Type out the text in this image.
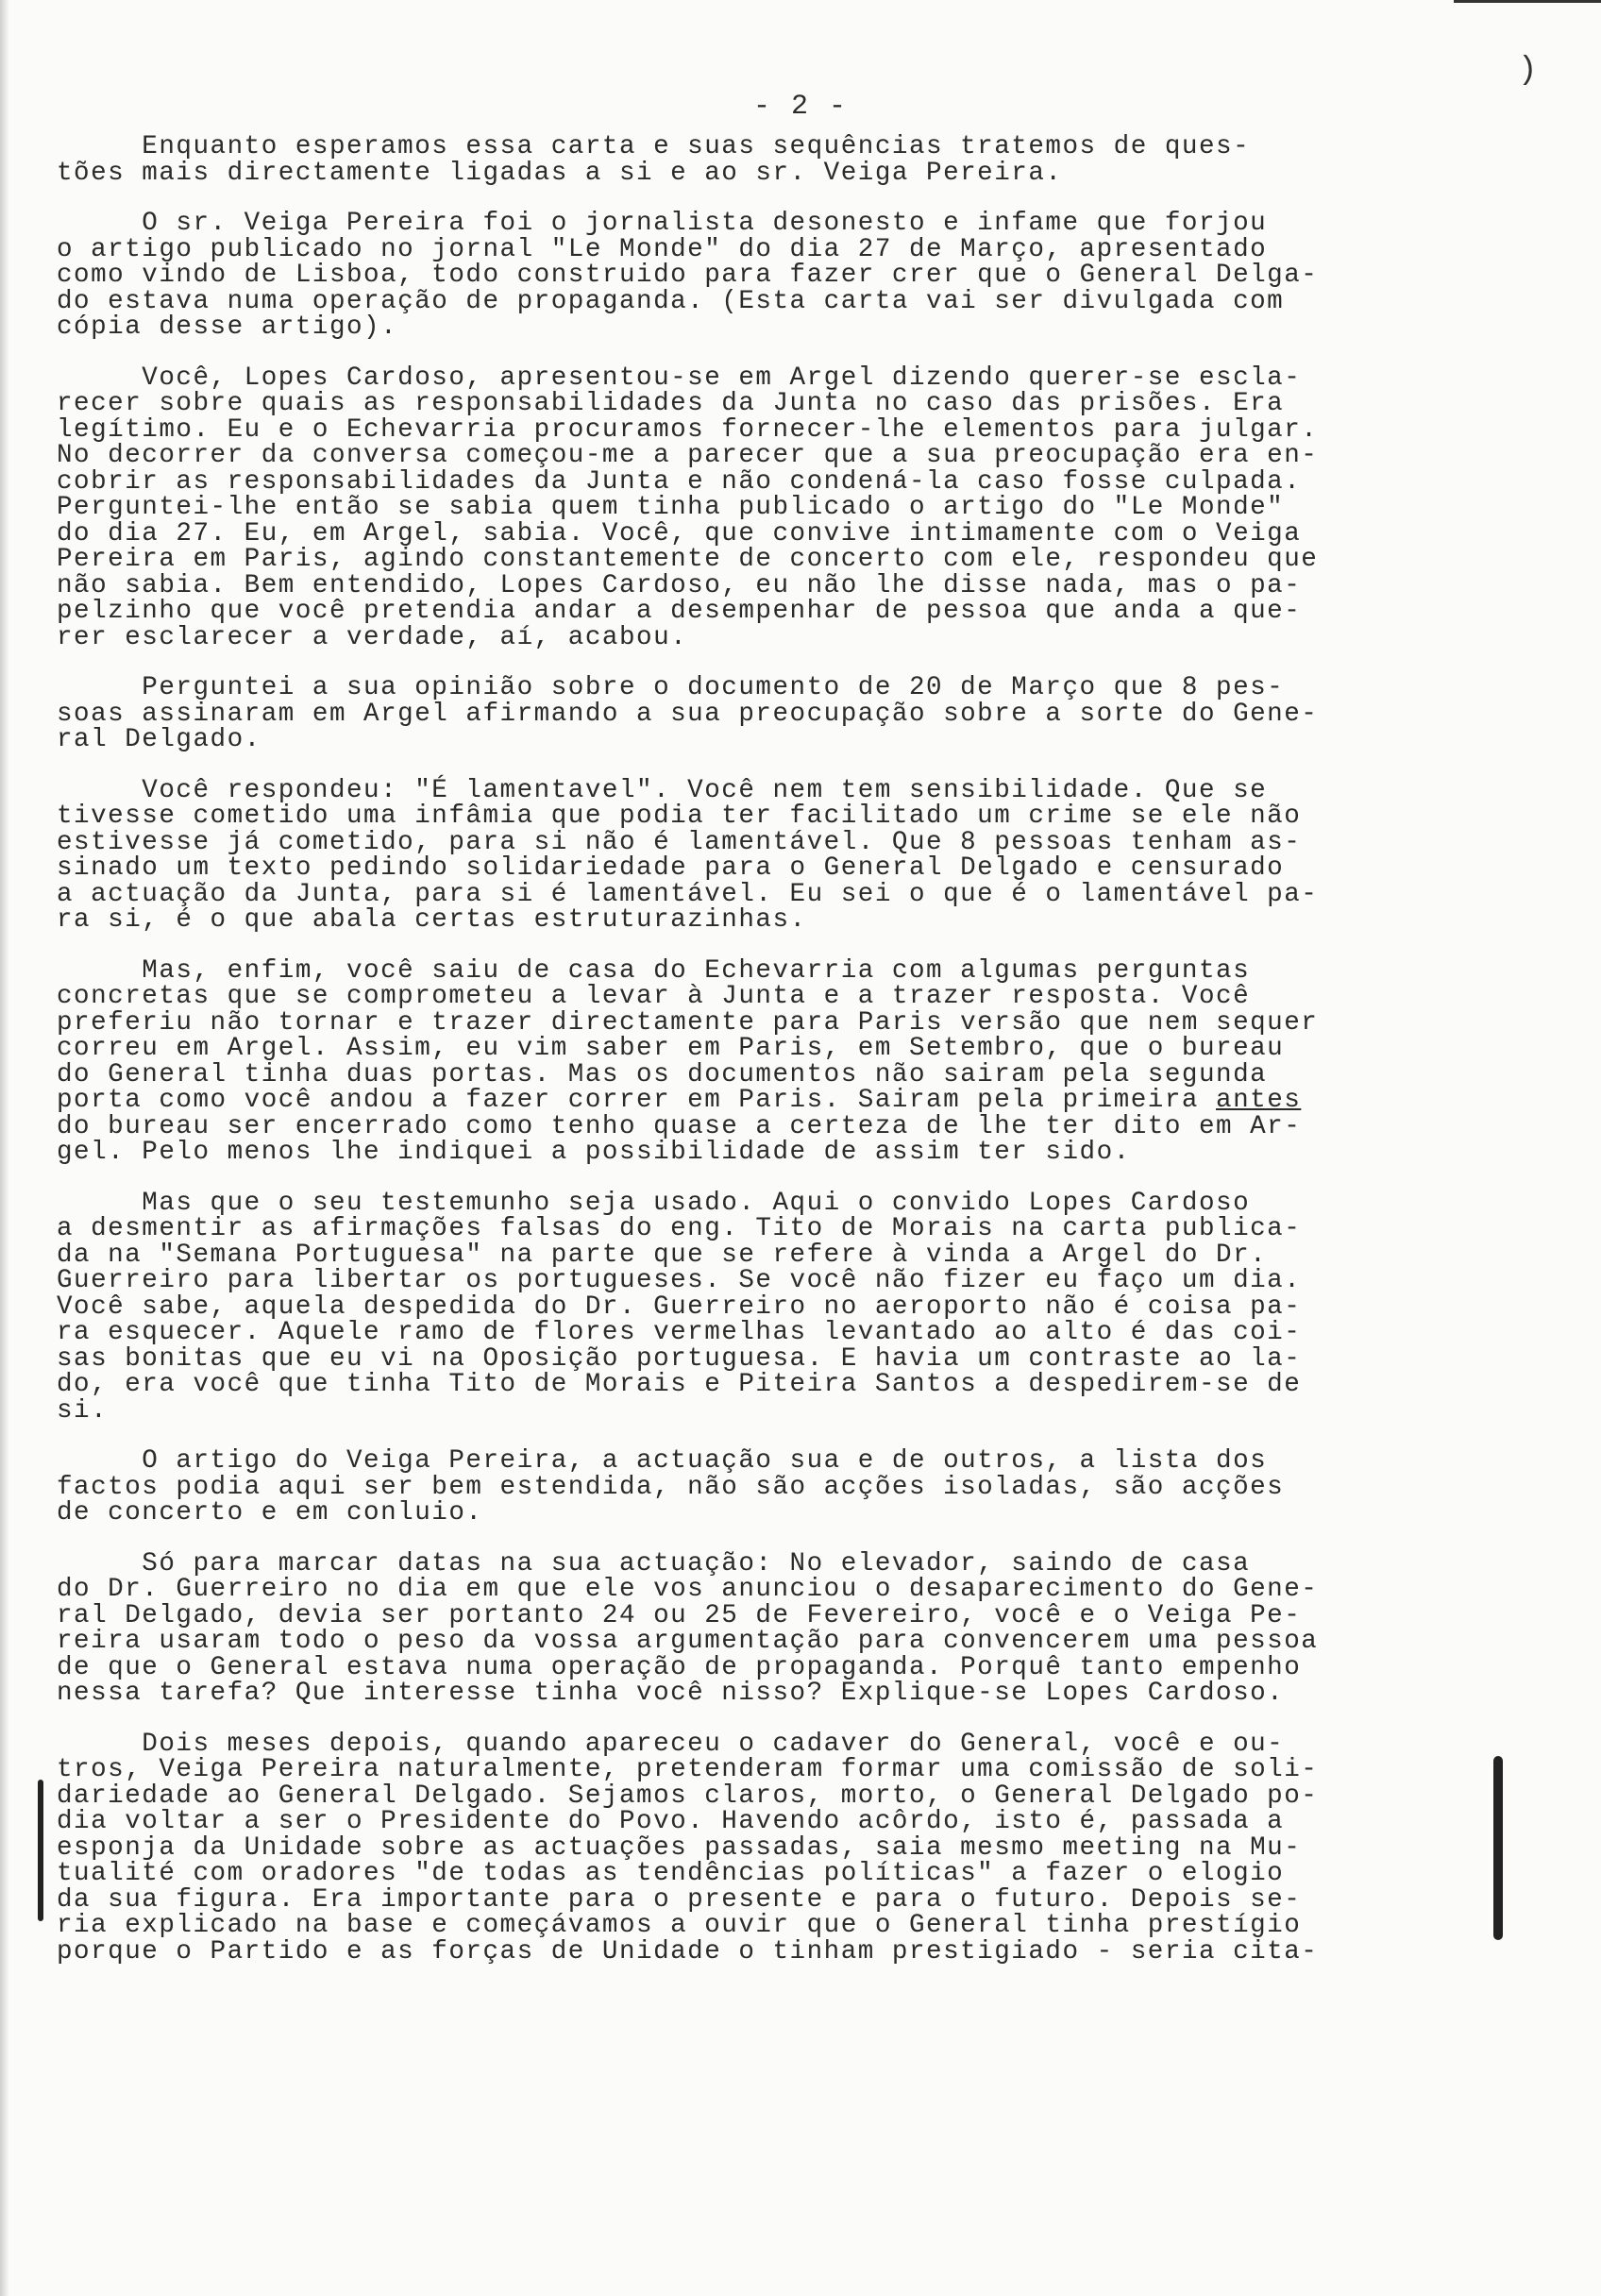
)
- 2 -
Enquanto esperamos essa carta e suas sequências tratemos de ques-
tões mais directamente ligadas a si e ao sr. Veiga Pereira.
O sr. Veiga Pereira foi o jornalista desonesto e infame que forjou
o artigo publicado no jornal "Le Monde" do dia 27 de Março, apresentado
como vindo de Lisboa, todo construido para fazer crer que o General Delga-
do estava numa operação de propaganda. (Esta carta vai ser divulgada com
cópia desse artigo).
Você, Lopes Cardoso, apresentou-se em Argel dizendo querer-se escla-
recer sobre quais as responsabilidades da Junta no caso das prisões. Era
legítimo. Eu e o Echevarria procuramos fornecer-lhe elementos para julgar.
No decorrer da conversa começou-me a parecer que a sua preocupação era en-
cobrir as responsabilidades da Junta e não condená-la caso fosse culpada.
Perguntei-lhe então se sabia quem tinha publicado o artigo do "Le Monde"
do dia 27. Eu, em Argel, sabia. Você, que convive intimamente com o Veiga
Pereira em Paris, agindo constantemente de concerto com ele, respondeu que
não sabia. Bem entendido, Lopes Cardoso, eu não lhe disse nada, mas o pa-
pelzinho que você pretendia andar a desempenhar de pessoa que anda a que-
rer esclarecer a verdade, aí, acabou.
Perguntei a sua opinião sobre o documento de 20 de Março que 8 pes-
soas assinaram em Argel afirmando a sua preocupação sobre a sorte do Gene-
ral Delgado.
Você respondeu: "É lamentavel". Você nem tem sensibilidade. Que se
tivesse cometido uma infâmia que podia ter facilitado um crime se ele não
estivesse já cometido, para si não é lamentável. Que 8 pessoas tenham as-
sinado um texto pedindo solidariedade para o General Delgado e censurado
a actuação da Junta, para si é lamentável. Eu sei o que é o lamentável pa-
ra si, é o que abala certas estruturazinhas.
Mas, enfim, você saiu de casa do Echevarria com algumas perguntas
concretas que se comprometeu a levar à Junta e a trazer resposta. Você
preferiu não tornar e trazer directamente para Paris versão que nem sequer
correu em Argel. Assim, eu vim saber em Paris, em Setembro, que o bureau
do General tinha duas portas. Mas os documentos não sairam pela segunda
porta como você andou a fazer correr em Paris. Sairam pela primeira antes
do bureau ser encerrado como tenho quase a certeza de lhe ter dito em Ar-
gel. Pelo menos lhe indiquei a possibilidade de assim ter sido.
Mas que o seu testemunho seja usado. Aqui o convido Lopes Cardoso
a desmentir as afirmações falsas do eng. Tito de Morais na carta publica-
da na "Semana Portuguesa" na parte que se refere à vinda a Argel do Dr.
Guerreiro para libertar os portugueses. Se você não fizer eu faço um dia.
Você sabe, aquela despedida do Dr. Guerreiro no aeroporto não é coisa pa-
ra esquecer. Aquele ramo de flores vermelhas levantado ao alto é das coi-
sas bonitas que eu vi na Oposição portuguesa. E havia um contraste ao la-
do, era você que tinha Tito de Morais e Piteira Santos a despedirem-se de
si.
O artigo do Veiga Pereira, a actuação sua e de outros, a lista dos
factos podia aqui ser bem estendida, não são acções isoladas, são acções
de concerto e em conluio.
Só para marcar datas na sua actuação: No elevador, saindo de casa
do Dr. Guerreiro no dia em que ele vos anunciou o desaparecimento do Gene-
ral Delgado, devia ser portanto 24 ou 25 de Fevereiro, você e o Veiga Pe-
reira usaram todo o peso da vossa argumentação para convencerem uma pessoa
de que o General estava numa operação de propaganda. Porquê tanto empenho
nessa tarefa? Que interesse tinha você nisso? Explique-se Lopes Cardoso.
Dois meses depois, quando apareceu o cadaver do General, você e ou-
tros, Veiga Pereira naturalmente, pretenderam formar uma comissão de soli-
dariedade ao General Delgado. Sejamos claros, morto, o General Delgado po-
dia voltar a ser o Presidente do Povo. Havendo acôrdo, isto é, passada a
esponja da Unidade sobre as actuações passadas, saia mesmo meeting na Mu-
tualité com oradores "de todas as tendências políticas" a fazer o elogio
da sua figura. Era importante para o presente e para o futuro. Depois se-
ria explicado na base e começávamos a ouvir que o General tinha prestígio
porque o Partido e as forças de Unidade o tinham prestigiado - seria cita-
